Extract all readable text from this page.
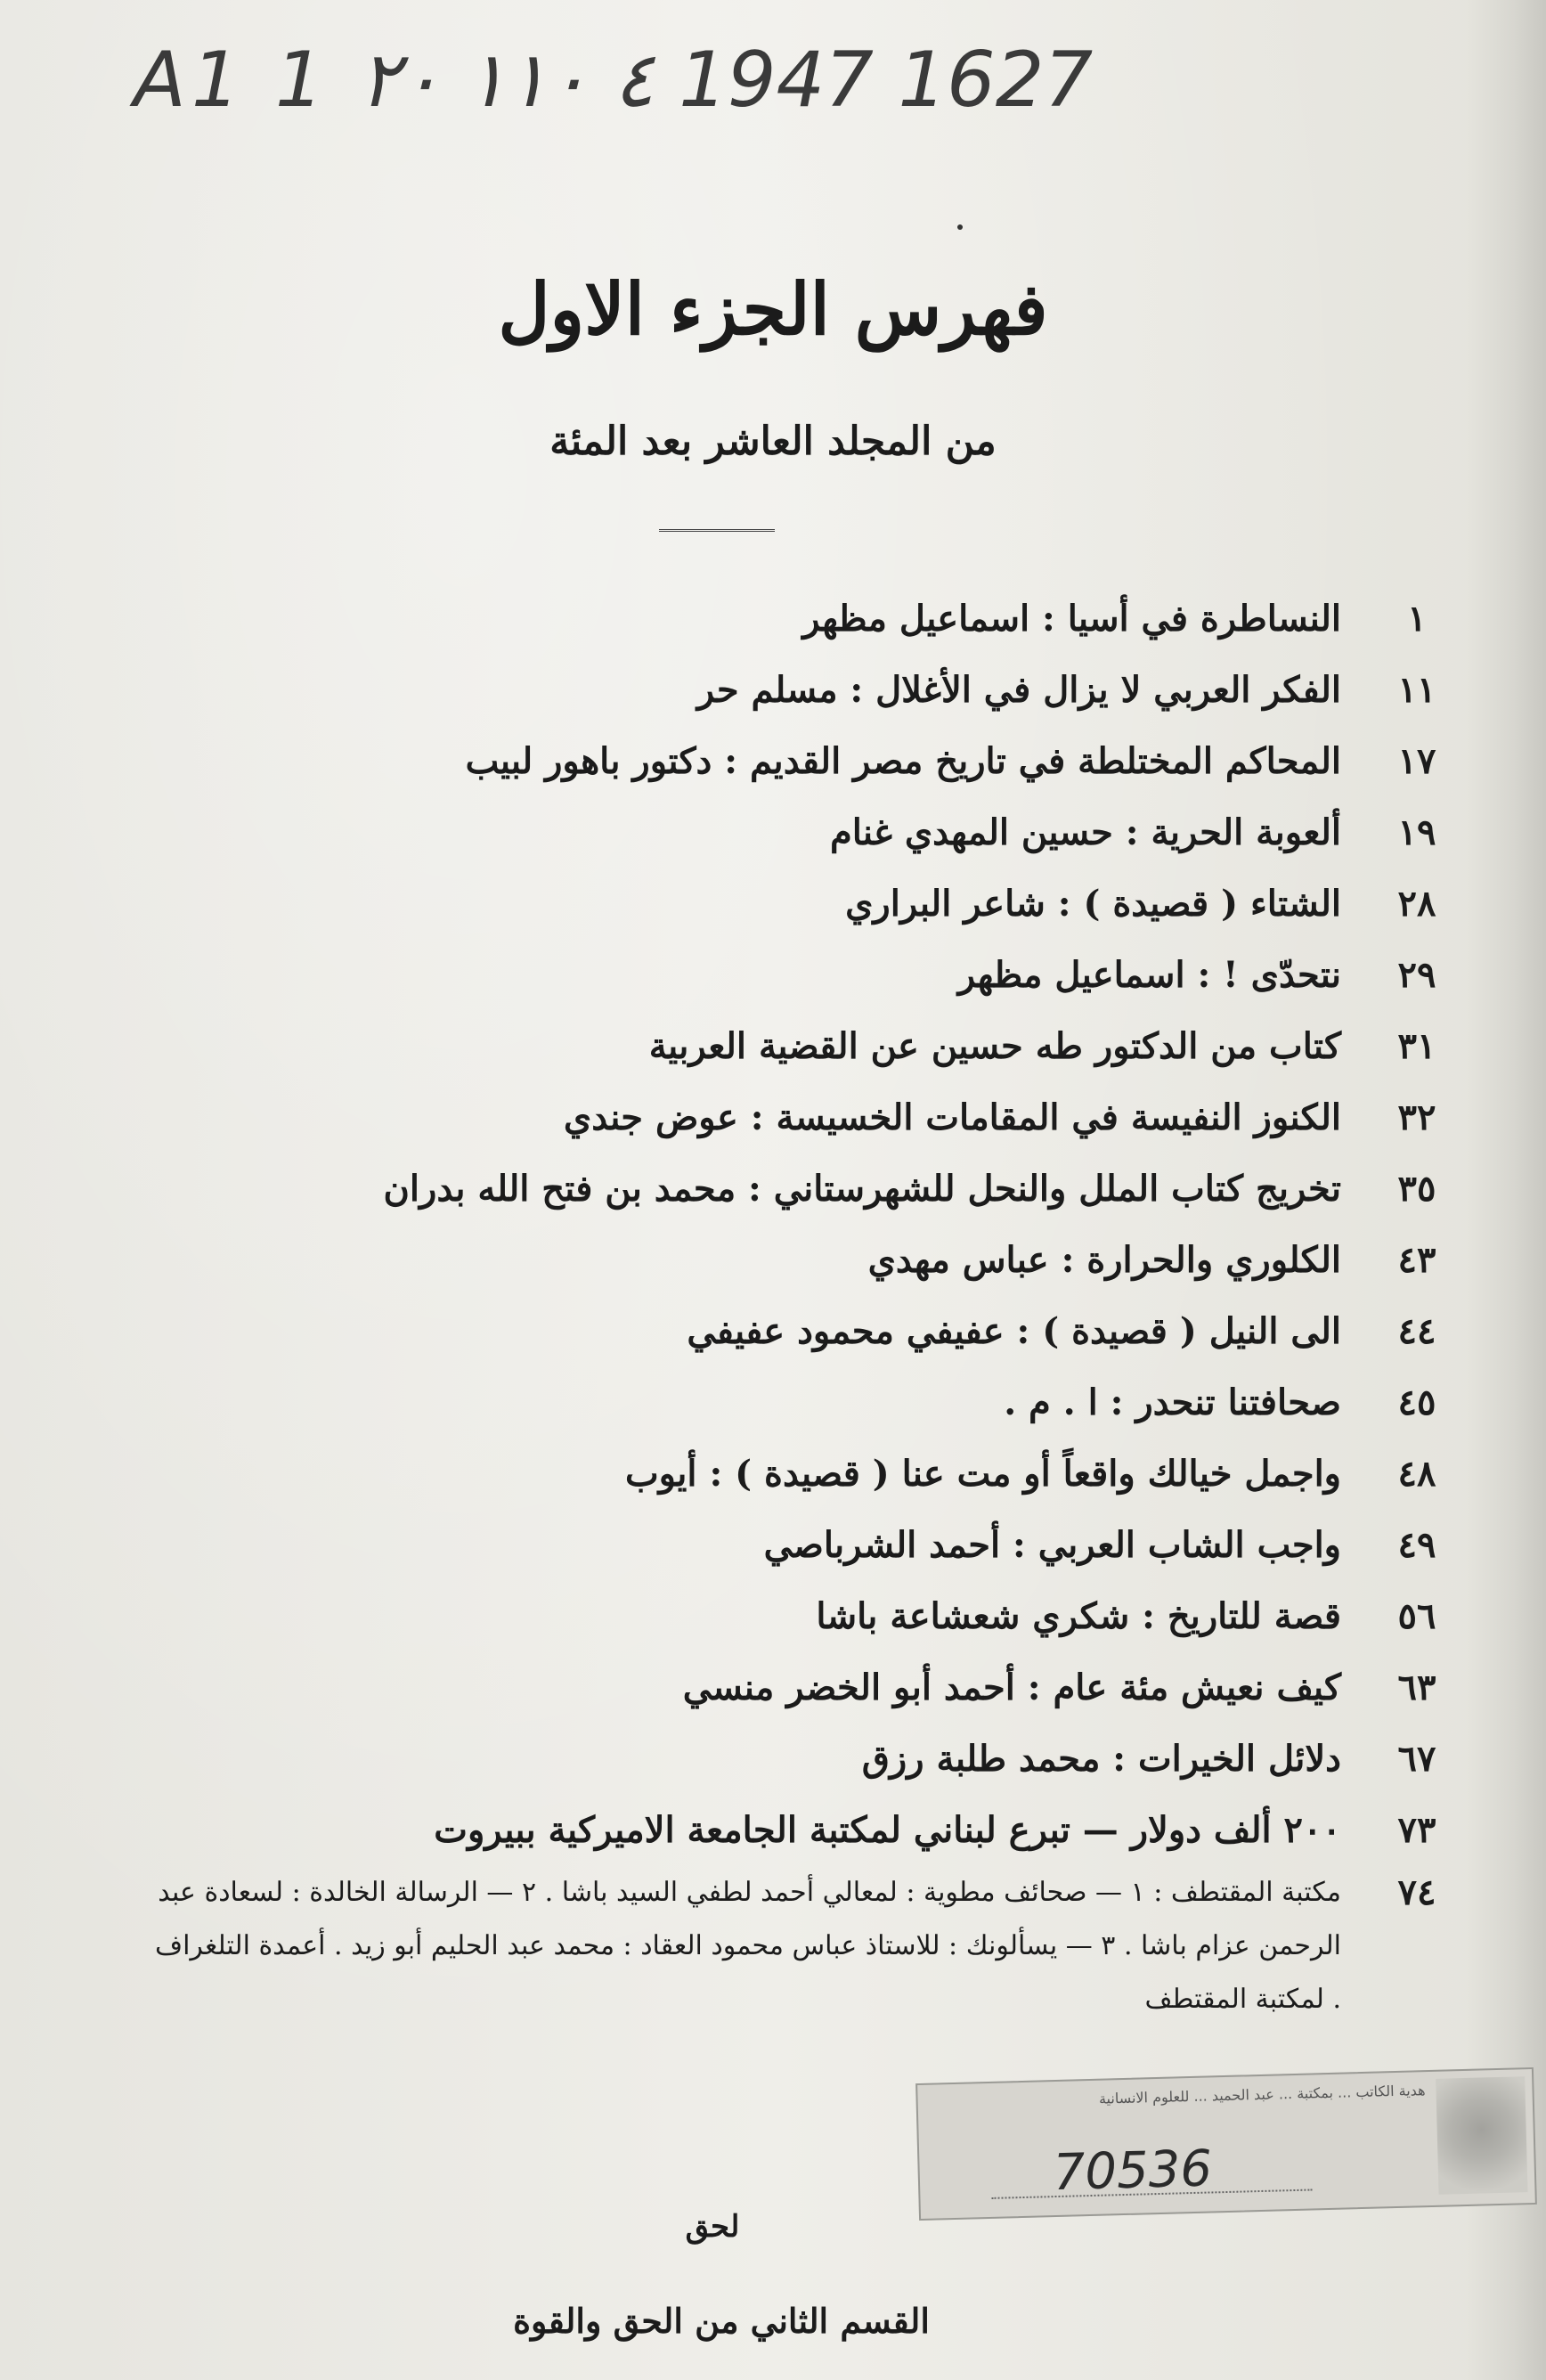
A1 1 ٤ ١١٠ ٢٠ 1947 1627
فهرس الجزء الاول
من المجلد العاشر بعد المئة
١
النساطرة في أسيا : اسماعيل مظهر
١١
الفكر العربي لا يزال في الأغلال : مسلم حر
١٧
المحاكم المختلطة في تاريخ مصر القديم : دكتور باهور لبيب
١٩
ألعوبة الحرية : حسين المهدي غنام
٢٨
الشتاء ( قصيدة ) : شاعر البراري
٢٩
نتحدّى ! : اسماعيل مظهر
٣١
كتاب من الدكتور طه حسين عن القضية العربية
٣٢
الكنوز النفيسة في المقامات الخسيسة : عوض جندي
٣٥
تخريج كتاب الملل والنحل للشهرستاني : محمد بن فتح الله بدران
٤٣
الكلوري والحرارة : عباس مهدي
٤٤
الى النيل ( قصيدة ) : عفيفي محمود عفيفي
٤٥
صحافتنا تنحدر : ا . م .
٤٨
واجمل خيالك واقعاً أو مت عنا ( قصيدة ) : أيوب
٤٩
واجب الشاب العربي : أحمد الشرباصي
٥٦
قصة للتاريخ : شكري شعشاعة باشا
٦٣
كيف نعيش مئة عام : أحمد أبو الخضر منسي
٦٧
دلائل الخيرات : محمد طلبة رزق
٧٣
٢٠٠ ألف دولار — تبرع لبناني لمكتبة الجامعة الاميركية ببيروت
٧٤
مكتبة المقتطف : ١ — صحائف مطوية : لمعالي أحمد لطفي السيد باشا . ٢ — الرسالة الخالدة : لسعادة عبد الرحمن عزام باشا . ٣ — يسألونك : للاستاذ عباس محمود العقاد : محمد عبد الحليم أبو زيد . أعمدة التلغراف . لمكتبة المقتطف
هدية الكاتب ... بمكتبة ... عبد الحميد ... للعلوم الانسانية
70536
لحق
القسم الثاني من الحق والقوة
